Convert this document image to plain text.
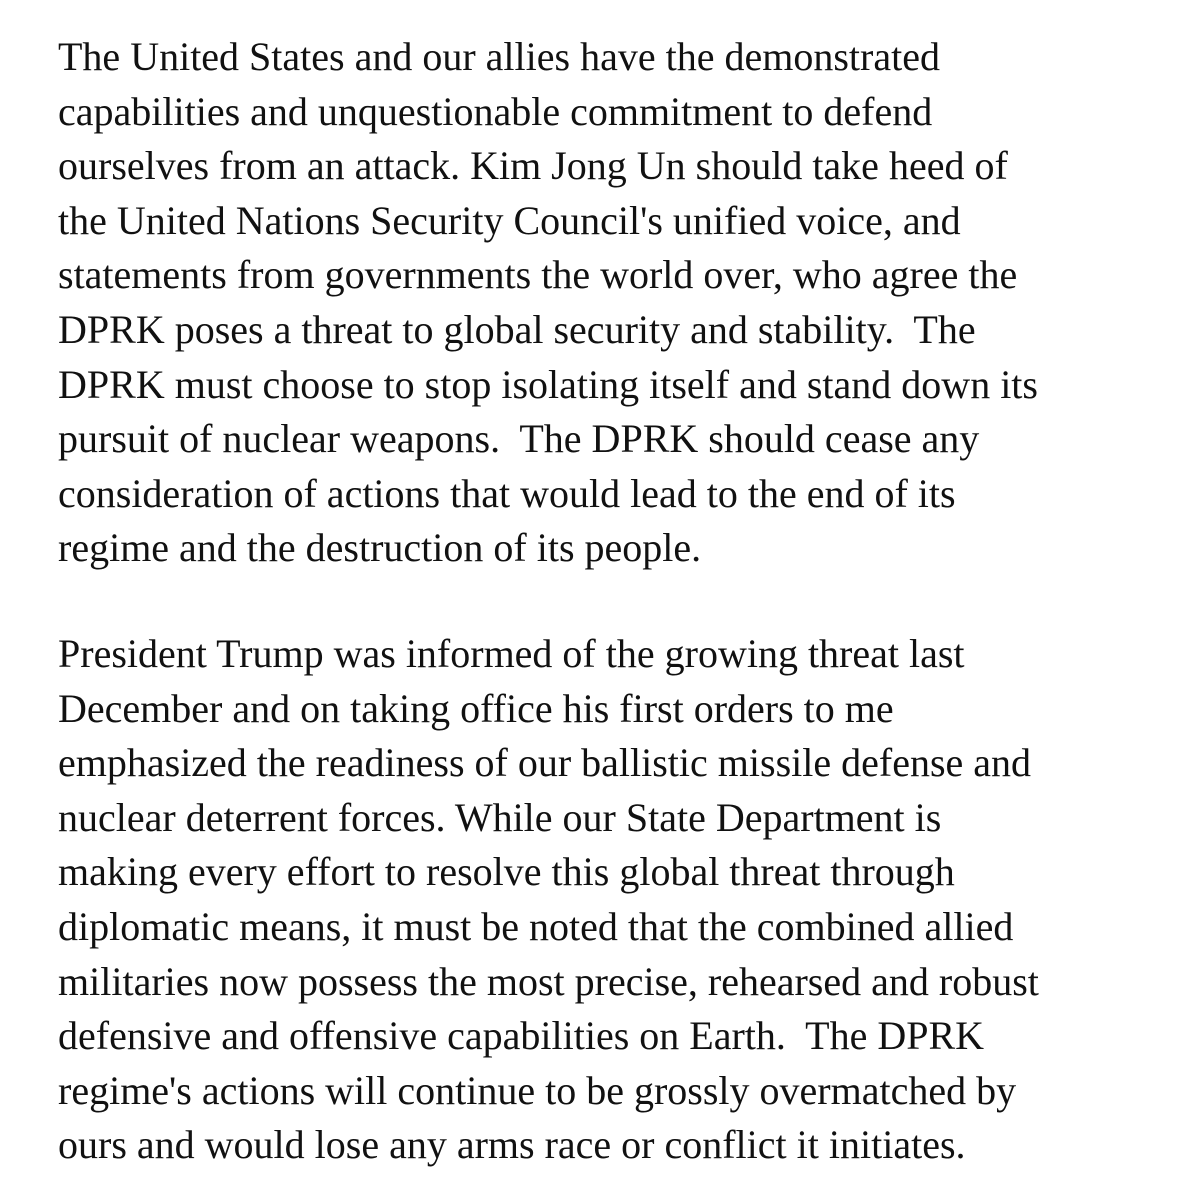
The United States and our allies have the demonstrated
capabilities and unquestionable commitment to defend
ourselves from an attack. Kim Jong Un should take heed of
the United Nations Security Council's unified voice, and
statements from governments the world over, who agree the
DPRK poses a threat to global security and stability.  The
DPRK must choose to stop isolating itself and stand down its
pursuit of nuclear weapons.  The DPRK should cease any
consideration of actions that would lead to the end of its
regime and the destruction of its people.

President Trump was informed of the growing threat last
December and on taking office his first orders to me
emphasized the readiness of our ballistic missile defense and
nuclear deterrent forces. While our State Department is
making every effort to resolve this global threat through
diplomatic means, it must be noted that the combined allied
militaries now possess the most precise, rehearsed and robust
defensive and offensive capabilities on Earth.  The DPRK
regime's actions will continue to be grossly overmatched by
ours and would lose any arms race or conflict it initiates.
